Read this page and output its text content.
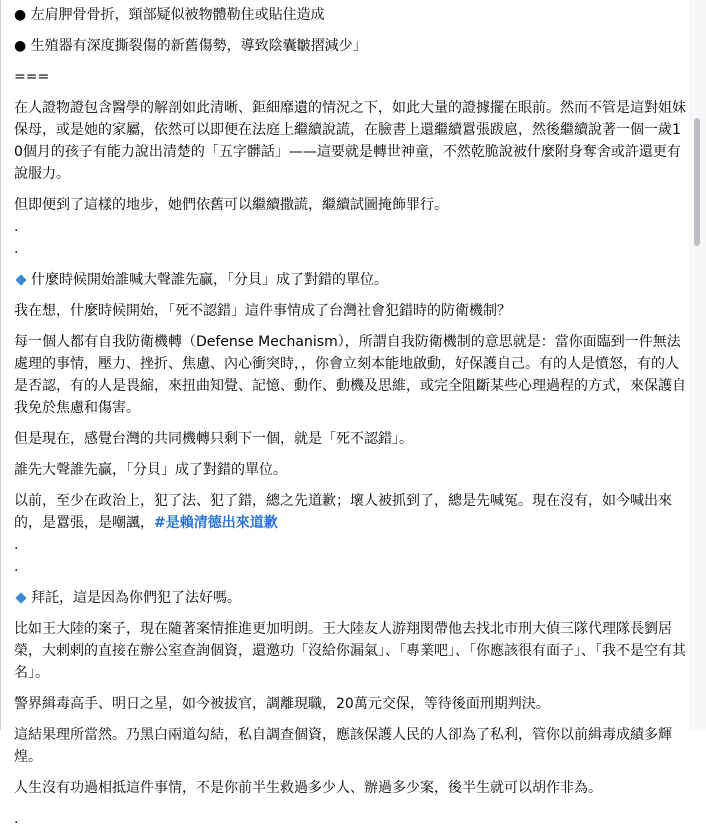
● 左肩胛骨骨折，頸部疑似被物體勒住或貼住造成

● 生殖器有深度撕裂傷的新舊傷勢，導致陰囊皺摺減少」

===

在人證物證包含醫學的解剖如此清晰、鉅細靡遺的情況之下，如此大量的證據擺在眼前。然而不管是這對姐妹保母，或是她的家屬，依然可以即便在法庭上繼續說謊，在臉書上還繼續囂張跋扈，然後繼續說著一個一歲10個月的孩子有能力說出清楚的「五字髒話」——這要就是轉世神童，不然乾脆說被什麼附身奪舍或許還更有說服力。

但即便到了這樣的地步，她們依舊可以繼續撒謊，繼續試圖掩飾罪行。

.

.

什麼時候開始誰喊大聲誰先贏，「分貝」成了對錯的單位。

我在想，什麼時候開始，「死不認錯」這件事情成了台灣社會犯錯時的防衛機制？

每一個人都有自我防衛機轉（Defense Mechanism），所謂自我防衛機制的意思就是：當你面臨到一件無法處理的事情，壓力、挫折、焦慮、內心衝突時，，你會立刻本能地啟動，好保護自己。有的人是憤怒，有的人是否認，有的人是畏縮，來扭曲知覺、記憶、動作、動機及思維，或完全阻斷某些心理過程的方式，來保護自我免於焦慮和傷害。

但是現在，感覺台灣的共同機轉只剩下一個，就是「死不認錯」。

誰先大聲誰先贏，「分貝」成了對錯的單位。

以前，至少在政治上，犯了法、犯了錯，總之先道歉；壞人被抓到了，總是先喊冤。現在沒有，如今喊出來的，是囂張，是嘲諷，#是賴清德出來道歉

.

.

拜託，這是因為你們犯了法好嗎。

比如王大陸的案子，現在隨著案情推進更加明朗。王大陸友人游翔閔帶他去找北市刑大偵三隊代理隊長劉居榮，大剌剌的直接在辦公室查詢個資，還邀功「沒給你漏氣」、「專業吧」、「你應該很有面子」、「我不是空有其名」。

警界緝毒高手、明日之星，如今被拔官，調離現職，20萬元交保，等待後面刑期判決。

這結果理所當然。乃黑白兩道勾結，私自調查個資，應該保護人民的人卻為了私利，管你以前緝毒成績多輝煌。

人生沒有功過相抵這件事情，不是你前半生救過多少人、辦過多少案，後半生就可以胡作非為。

.
